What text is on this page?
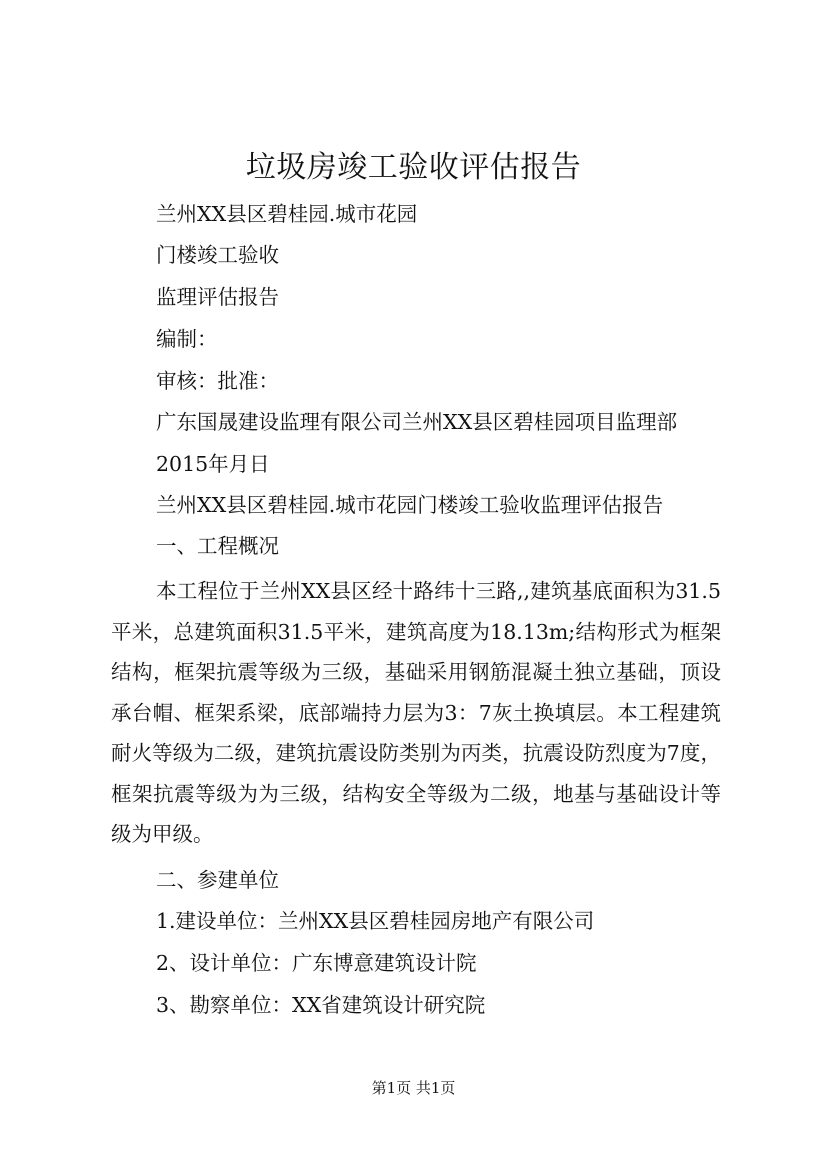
垃圾房竣工验收评估报告

兰州XX县区碧桂园.城市花园

门楼竣工验收

监理评估报告

编制：

审核：批准：

广东国晟建设监理有限公司兰州XX县区碧桂园项目监理部

2015年月日

兰州XX县区碧桂园.城市花园门楼竣工验收监理评估报告

一、工程概况

本工程位于兰州XX县区经十路纬十三路,,建筑基底面积为31.5平米，总建筑面积31.5平米，建筑高度为18.13m;结构形式为框架结构，框架抗震等级为三级，基础采用钢筋混凝土独立基础，顶设承台帽、框架系梁，底部端持力层为3：7灰土换填层。本工程建筑耐火等级为二级，建筑抗震设防类别为丙类，抗震设防烈度为7度，框架抗震等级为为三级，结构安全等级为二级，地基与基础设计等级为甲级。

二、参建单位

1.建设单位：兰州XX县区碧桂园房地产有限公司

2、设计单位：广东博意建筑设计院

3、勘察单位：XX省建筑设计研究院

第1页 共1页
